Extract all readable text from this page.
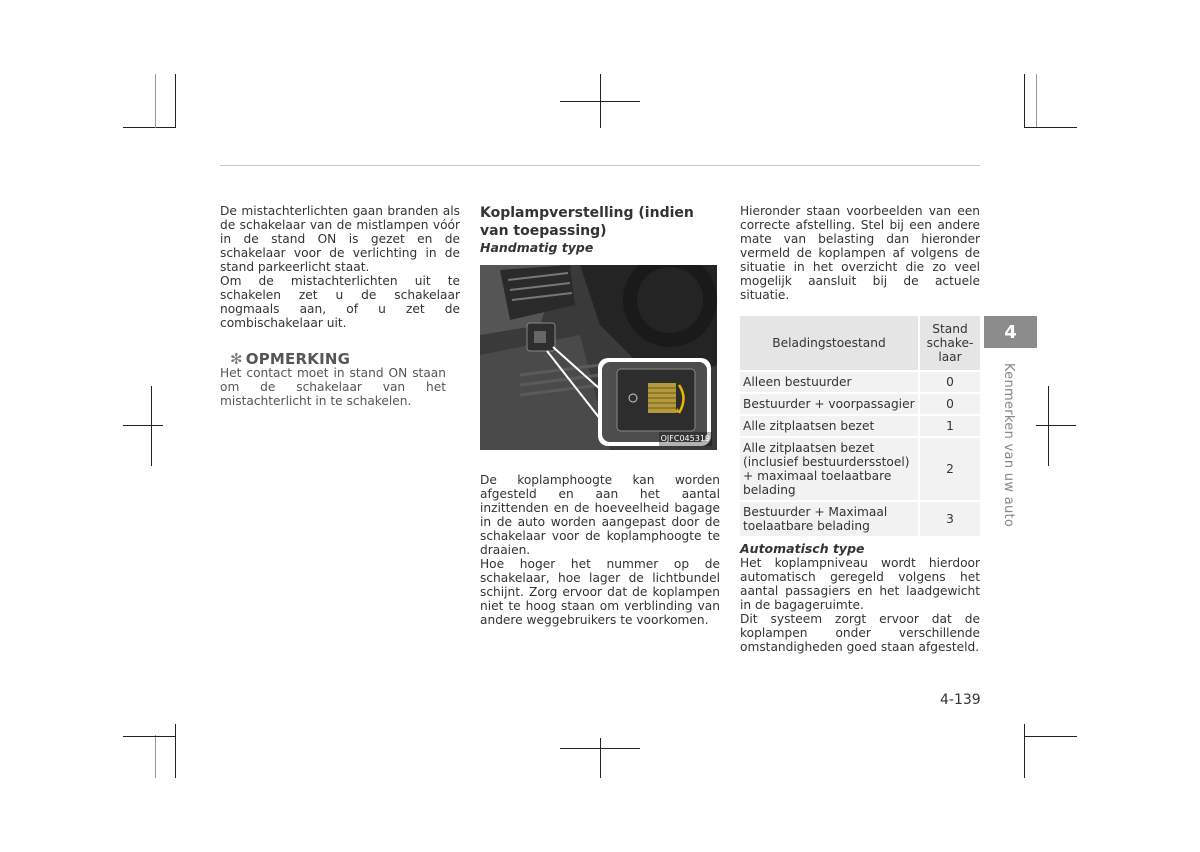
De mistachterlichten gaan branden als de schakelaar van de mistlampen vóór in de stand ON is gezet en de schakelaar voor de verlichting in de stand parkeerlicht staat.

Om de mistachterlichten uit te schakelen zet u de schakelaar nogmaals aan, of u zet de combischakelaar uit.

✻ OPMERKING

Het contact moet in stand ON staan om de schakelaar van het mistachterlicht in te schakelen.

Koplampverstelling (indien van toepassing)
Handmatig type
OJFC045319

De koplamphoogte kan worden afgesteld en aan het aantal inzittenden en de hoeveelheid bagage in de auto worden aangepast door de schakelaar voor de koplamphoogte te draaien.

Hoe hoger het nummer op de schakelaar, hoe lager de lichtbundel schijnt. Zorg ervoor dat de koplampen niet te hoog staan om verblinding van andere weggebruikers te voorkomen.

Hieronder staan voorbeelden van een correcte afstelling. Stel bij een andere mate van belasting dan hieronder vermeld de koplampen af volgens de situatie in het overzicht die zo veel mogelijk aansluit bij de actuele situatie.

Beladingstoestand	Stand schake-laar
Alleen bestuurder	0
Bestuurder + voorpassagier	0
Alle zitplaatsen bezet	1
Alle zitplaatsen bezet (inclusief bestuurdersstoel) + maximaal toelaatbare belading	2
Bestuurder + Maximaal toelaatbare belading	3
Automatisch type

Het koplampniveau wordt hierdoor automatisch geregeld volgens het aantal passagiers en het laadgewicht in de bagageruimte.

Dit systeem zorgt ervoor dat de koplampen onder verschillende omstandigheden goed staan afgesteld.

4
Kenmerken van uw auto
4-139
